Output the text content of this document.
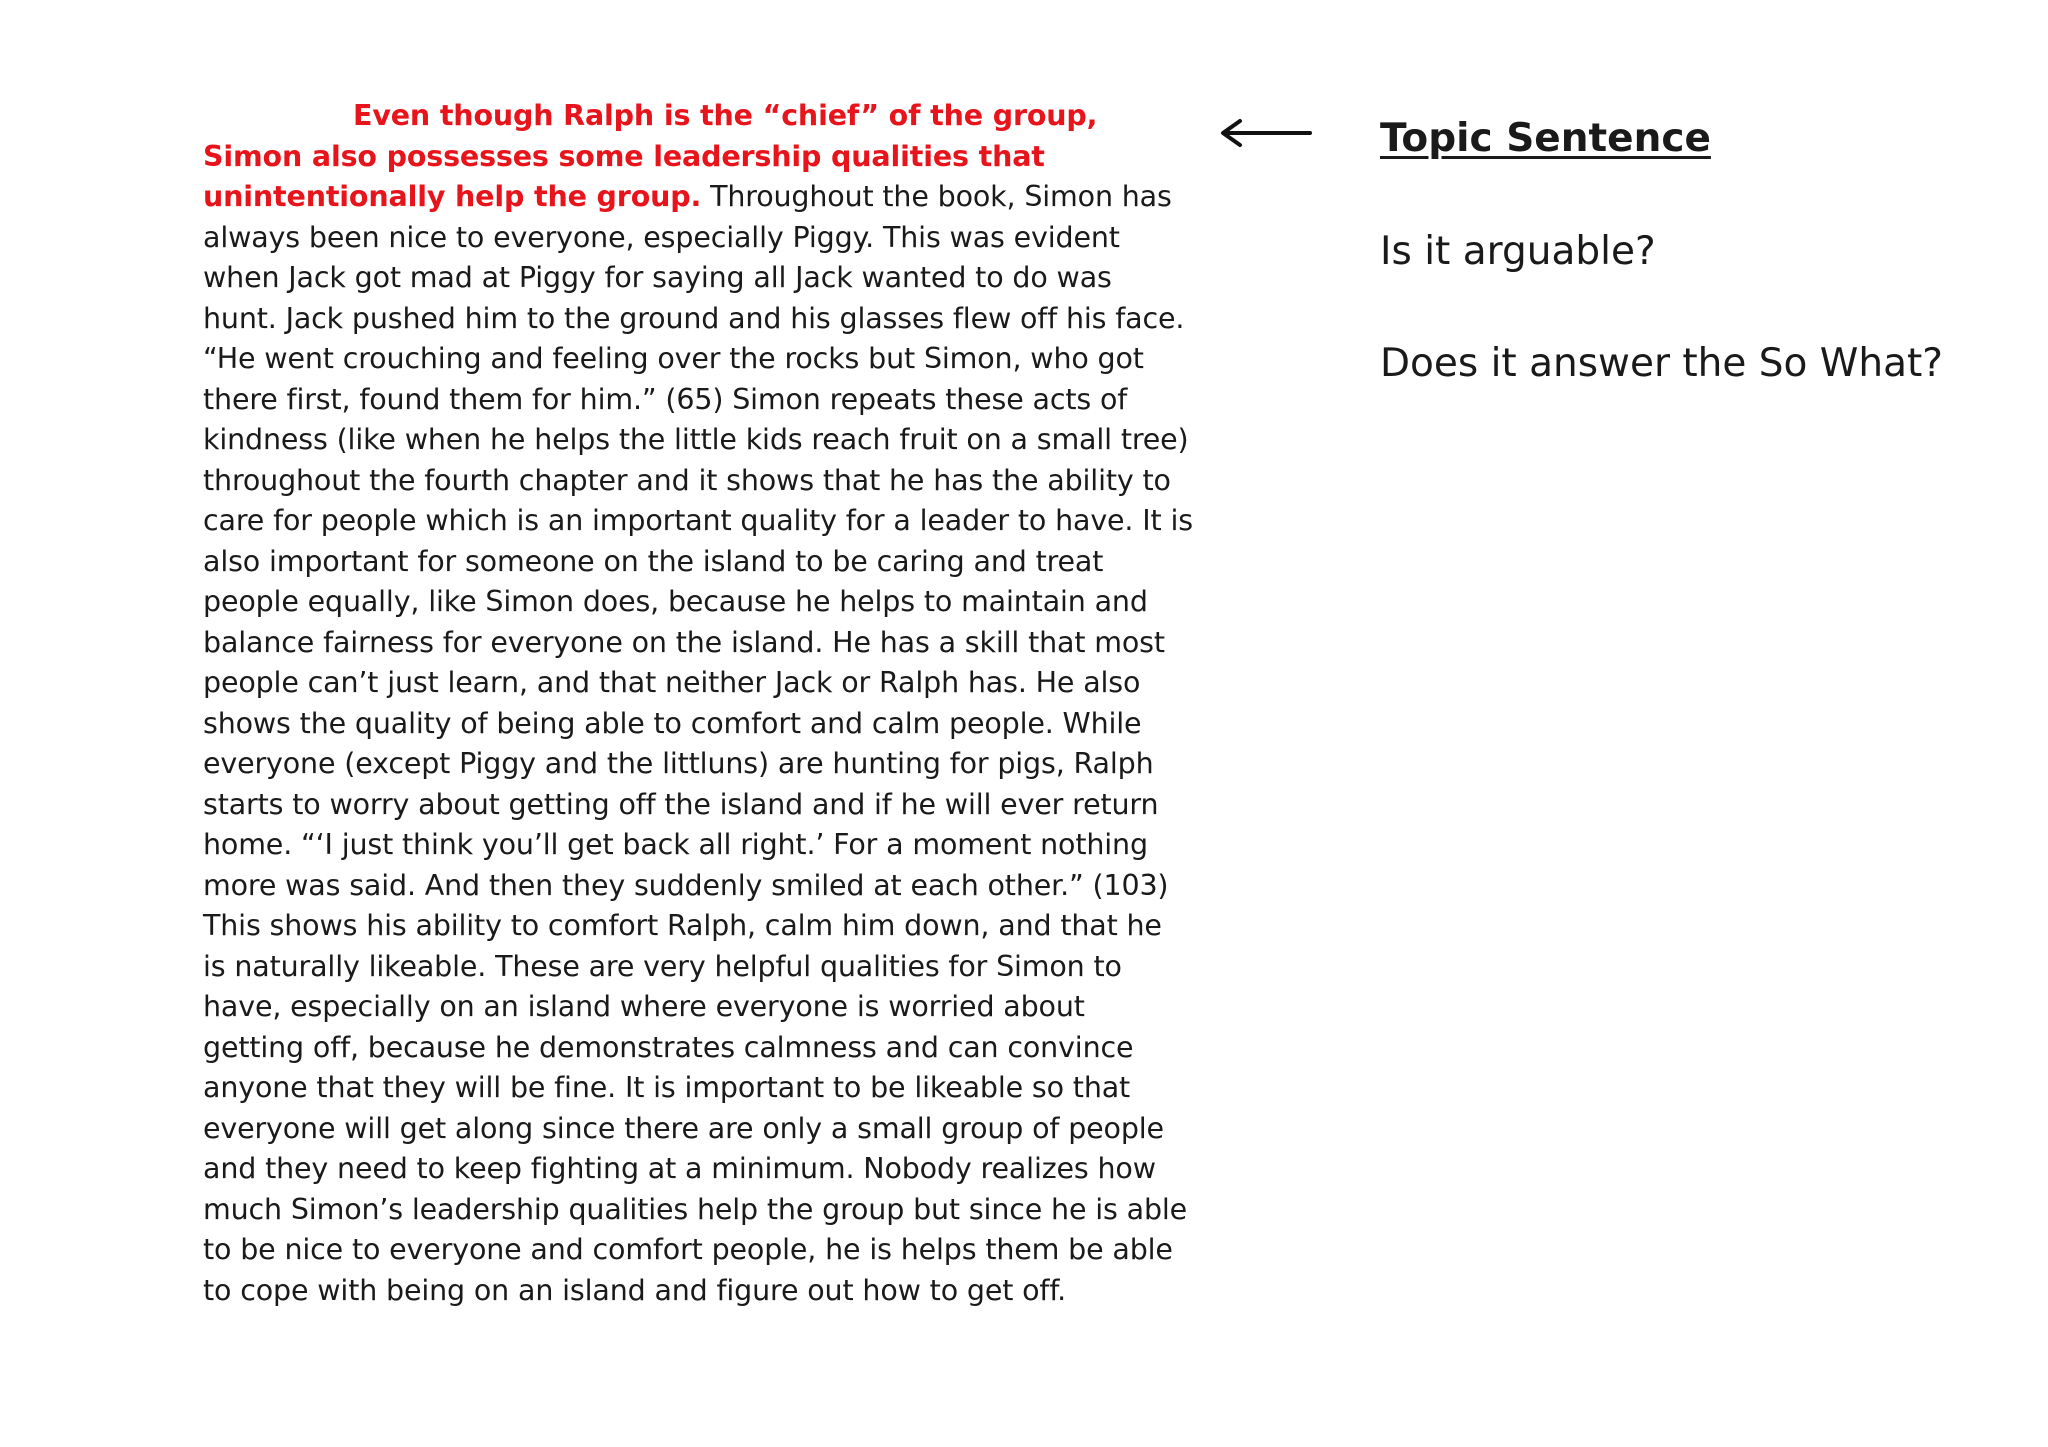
Even though Ralph is the “chief” of the group, Simon also possesses some leadership qualities that unintentionally help the group. Throughout the book, Simon has always been nice to everyone, especially Piggy. This was evident when Jack got mad at Piggy for saying all Jack wanted to do was hunt. Jack pushed him to the ground and his glasses flew off his face. “He went crouching and feeling over the rocks but Simon, who got there first, found them for him.” (65) Simon repeats these acts of kindness (like when he helps the little kids reach fruit on a small tree) throughout the fourth chapter and it shows that he has the ability to care for people which is an important quality for a leader to have. It is also important for someone on the island to be caring and treat people equally, like Simon does, because he helps to maintain and balance fairness for everyone on the island. He has a skill that most people can’t just learn, and that neither Jack or Ralph has. He also shows the quality of being able to comfort and calm people. While everyone (except Piggy and the littluns) are hunting for pigs, Ralph starts to worry about getting off the island and if he will ever return home. “‘I just think you’ll get back all right.’ For a moment nothing more was said. And then they suddenly smiled at each other.” (103) This shows his ability to comfort Ralph, calm him down, and that he is naturally likeable. These are very helpful qualities for Simon to have, especially on an island where everyone is worried about getting off, because he demonstrates calmness and can convince anyone that they will be fine. It is important to be likeable so that everyone will get along since there are only a small group of people and they need to keep fighting at a minimum. Nobody realizes how much Simon’s leadership qualities help the group but since he is able to be nice to everyone and comfort people, he is helps them be able to cope with being on an island and figure out how to get off.

Topic Sentence
Is it arguable?
Does it answer the So What?
